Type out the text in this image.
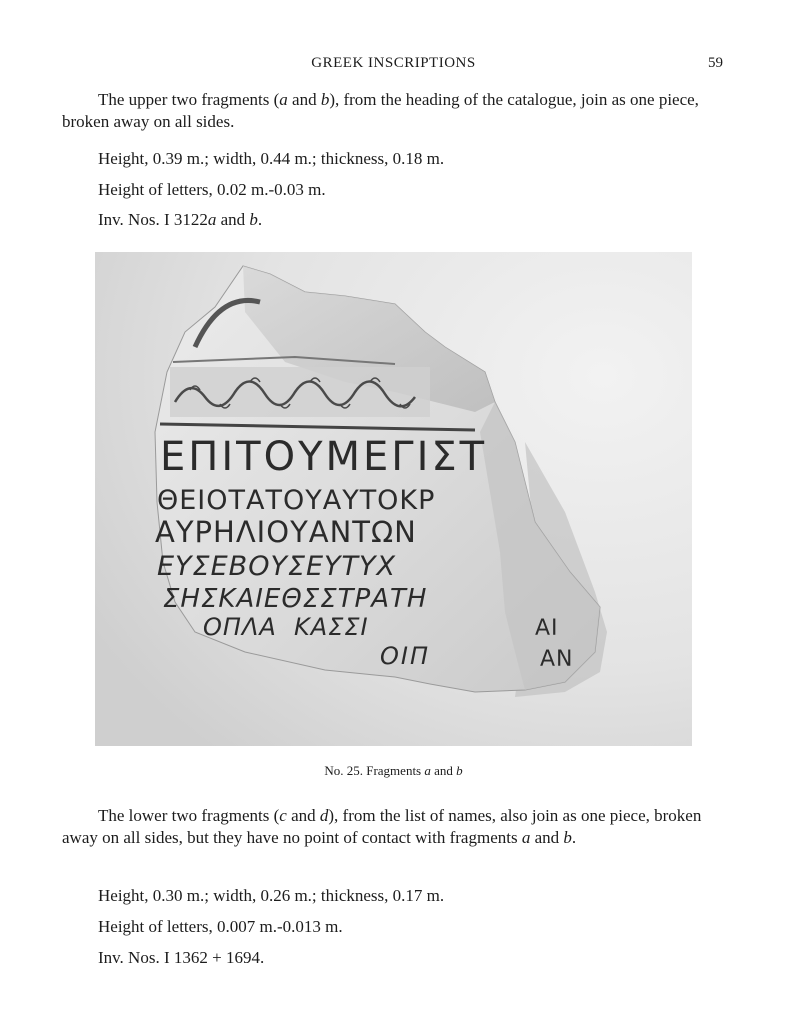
GREEK INSCRIPTIONS	59

The upper two fragments (a and b), from the heading of the catalogue, join as one piece, broken away on all sides.

Height, 0.39 m.; width, 0.44 m.; thickness, 0.18 m.

Height of letters, 0.02 m.-0.03 m.

Inv. Nos. I 3122a and b.

ΕΠΙΤΟΥΜΕΓΙΣΤ
ΘΕΙΟΤΑΤΟΥΑΥΤΟΚΡ
ΑΥΡΗΛΙΟΥΑΝΤΩΝ
ΕΥΣΕΒΟΥΣΕΥΤΥΧ
ΣΗΣΚΑΙΕΘΣΣΤΡΑΤΗ
ΟΠΛΑ  ΚΑΣΣΙ
ΟΙΠ
ΑΙ
ΑΝ
No. 25. Fragments a and b

The lower two fragments (c and d), from the list of names, also join as one piece, broken away on all sides, but they have no point of contact with fragments a and b.

Height, 0.30 m.; width, 0.26 m.; thickness, 0.17 m.

Height of letters, 0.007 m.-0.013 m.

Inv. Nos. I 1362 + 1694.
